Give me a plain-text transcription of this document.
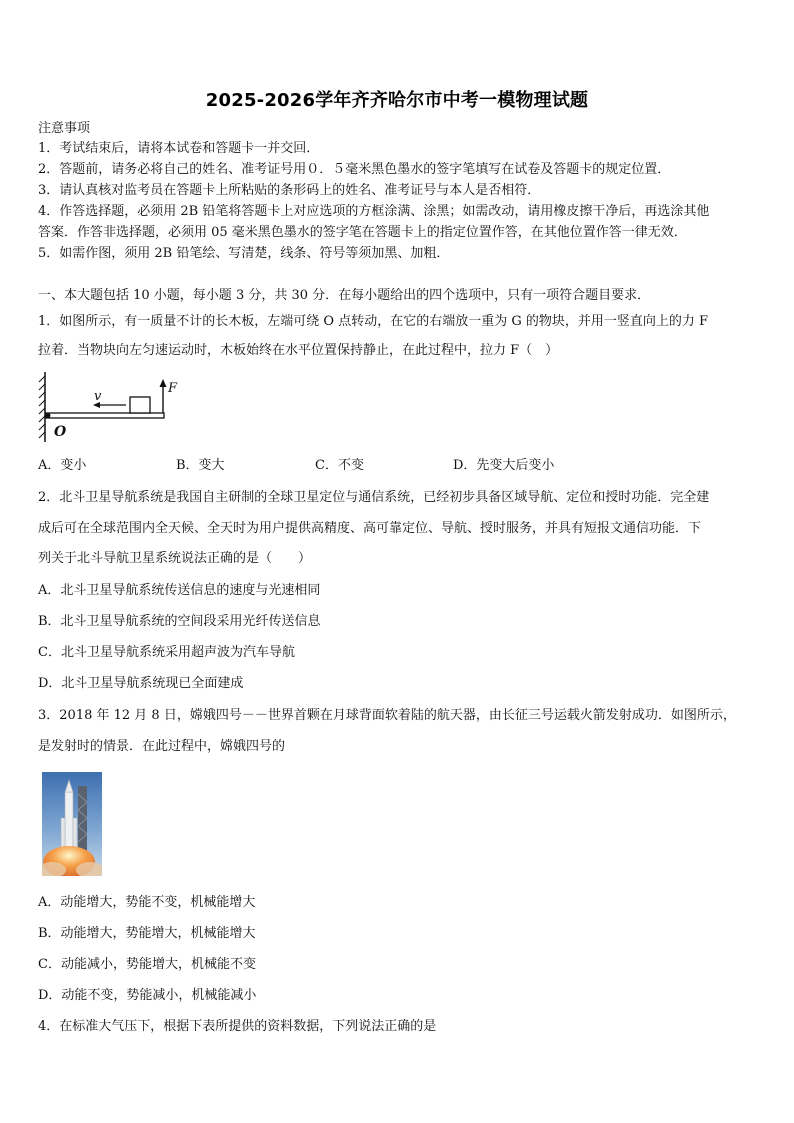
2025-2026学年齐齐哈尔市中考一模物理试题
注意事项
1．考试结束后，请将本试卷和答题卡一并交回．
2．答题前，请务必将自己的姓名、准考证号用０．５毫米黑色墨水的签字笔填写在试卷及答题卡的规定位置．
3．请认真核对监考员在答题卡上所粘贴的条形码上的姓名、准考证号与本人是否相符．
4．作答选择题，必须用 2B 铅笔将答题卡上对应选项的方框涂满、涂黑；如需改动，请用橡皮擦干净后，再选涂其他
答案．作答非选择题，必须用 05 毫米黑色墨水的签字笔在答题卡上的指定位置作答，在其他位置作答一律无效．
5．如需作图，须用 2B 铅笔绘、写清楚，线条、符号等须加黑、加粗．
一、本大题包括 10 小题，每小题 3 分，共 30 分．在每小题给出的四个选项中，只有一项符合题目要求．
1．如图所示，有一质量不计的长木板，左端可绕 O 点转动，在它的右端放一重为 G 的物块，并用一竖直向上的力 F
拉着．当物块向左匀速运动时，木板始终在水平位置保持静止，在此过程中，拉力 F（　）
v
F
O
A．变小	B．变大	C．不变	D．先变大后变小
2．北斗卫星导航系统是我国自主研制的全球卫星定位与通信系统，已经初步具备区域导航、定位和授时功能．完全建
成后可在全球范围内全天候、全天时为用户提供高精度、高可靠定位、导航、授时服务，并具有短报文通信功能．下
列关于北斗导航卫星系统说法正确的是（　　）
A．北斗卫星导航系统传送信息的速度与光速相同
B．北斗卫星导航系统的空间段采用光纤传送信息
C．北斗卫星导航系统采用超声波为汽车导航
D．北斗卫星导航系统现已全面建成
3．2018 年 12 月 8 日，嫦娥四号－－世界首颗在月球背面软着陆的航天器，由长征三号运载火箭发射成功．如图所示，
是发射时的情景．在此过程中，嫦娥四号的
A．动能增大，势能不变，机械能增大
B．动能增大，势能增大，机械能增大
C．动能减小，势能增大，机械能不变
D．动能不变，势能减小，机械能减小
4．在标准大气压下，根据下表所提供的资料数据，下列说法正确的是
